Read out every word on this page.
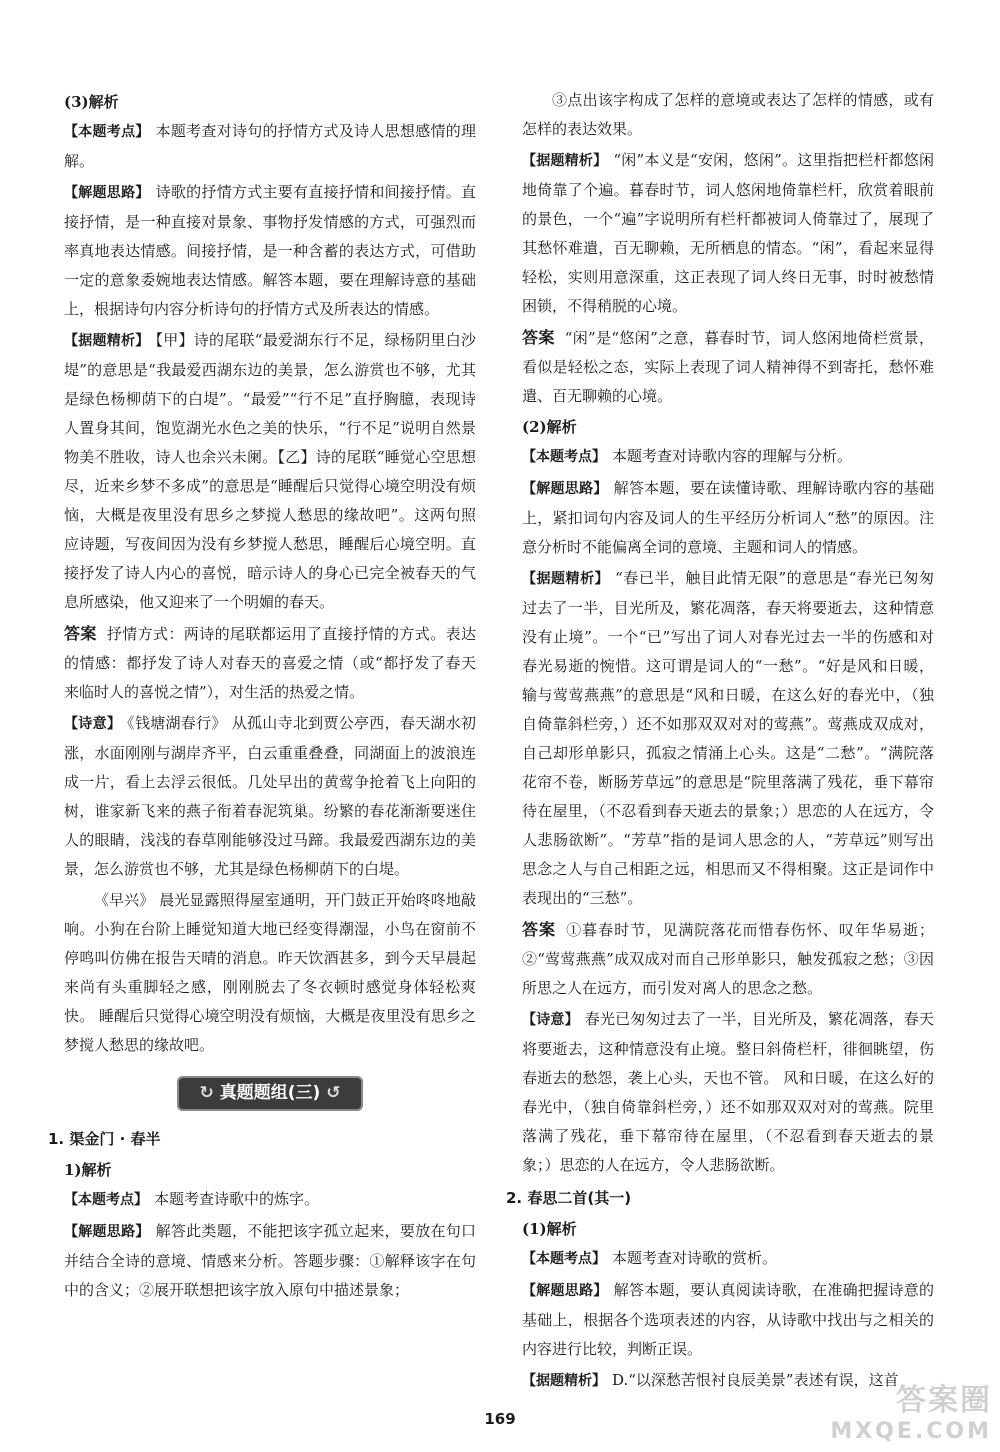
(3)解析

【本题考点】 本题考查对诗句的抒情方式及诗人思想感情的理解。

【解题思路】 诗歌的抒情方式主要有直接抒情和间接抒情。直接抒情，是一种直接对景象、事物抒发情感的方式，可强烈而率真地表达情感。间接抒情，是一种含蓄的表达方式，可借助一定的意象委婉地表达情感。解答本题，要在理解诗意的基础上，根据诗句内容分析诗句的抒情方式及所表达的情感。

【据题精析】 【甲】诗的尾联“最爱湖东行不足，绿杨阴里白沙堤”的意思是“我最爱西湖东边的美景，怎么游赏也不够，尤其是绿色杨柳荫下的白堤”。“最爱”“行不足”直抒胸臆，表现诗人置身其间，饱览湖光水色之美的快乐，“行不足”说明自然景物美不胜收，诗人也余兴未阑。【乙】诗的尾联“睡觉心空思想尽，近来乡梦不多成”的意思是“睡醒后只觉得心境空明没有烦恼，大概是夜里没有思乡之梦搅人愁思的缘故吧”。这两句照应诗题，写夜间因为没有乡梦搅人愁思，睡醒后心境空明。直接抒发了诗人内心的喜悦，暗示诗人的身心已完全被春天的气息所感染，他又迎来了一个明媚的春天。

答案 抒情方式：两诗的尾联都运用了直接抒情的方式。表达的情感：都抒发了诗人对春天的喜爱之情（或“都抒发了春天来临时人的喜悦之情”），对生活的热爱之情。

【诗意】 《钱塘湖春行》 从孤山寺北到贾公亭西，春天湖水初涨，水面刚刚与湖岸齐平，白云重重叠叠，同湖面上的波浪连成一片，看上去浮云很低。几处早出的黄莺争抢着飞上向阳的树，谁家新飞来的燕子衔着春泥筑巢。纷繁的春花渐渐要迷住人的眼睛，浅浅的春草刚能够没过马蹄。我最爱西湖东边的美景，怎么游赏也不够，尤其是绿色杨柳荫下的白堤。

《早兴》 晨光显露照得屋室通明，开门鼓正开始咚咚地敲响。小狗在台阶上睡觉知道大地已经变得潮湿，小鸟在窗前不停鸣叫仿佛在报告天晴的消息。昨天饮酒甚多，到今天早晨起来尚有头重脚轻之感，刚刚脱去了冬衣顿时感觉身体轻松爽快。 睡醒后只觉得心境空明没有烦恼，大概是夜里没有思乡之梦搅人愁思的缘故吧。

↻ 真题题组(三) ↺
1. 渠金门 · 春半
1)解析

【本题考点】 本题考查诗歌中的炼字。

【解题思路】 解答此类题，不能把该字孤立起来，要放在句口 并结合全诗的意境、情感来分析。答题步骤：①解释该字在句中的含义；②展开联想把该字放入原句中描述景象；

③点出该字构成了怎样的意境或表达了怎样的情感，或有怎样的表达效果。

【据题精析】 “闲”本义是“安闲，悠闲”。这里指把栏杆都悠闲地倚靠了个遍。暮春时节，词人悠闲地倚靠栏杆，欣赏着眼前的景色，一个“遍”字说明所有栏杆都被词人倚靠过了，展现了其愁怀难遣，百无聊赖，无所栖息的情态。“闲”，看起来显得轻松，实则用意深重，这正表现了词人终日无事，时时被愁情困锁，不得稍脱的心境。

答案 “闲”是“悠闲”之意，暮春时节，词人悠闲地倚栏赏景，看似是轻松之态，实际上表现了词人精神得不到寄托，愁怀难遣、百无聊赖的心境。

(2)解析

【本题考点】 本题考查对诗歌内容的理解与分析。

【解题思路】 解答本题，要在读懂诗歌、理解诗歌内容的基础上，紧扣词句内容及词人的生平经历分析词人“愁”的原因。注意分析时不能偏离全词的意境、主题和词人的情感。

【据题精析】 “春已半，触目此情无限”的意思是“春光已匆匆过去了一半，目光所及，繁花凋落，春天将要逝去，这种情意没有止境”。一个“已”写出了词人对春光过去一半的伤感和对春光易逝的惋惜。这可谓是词人的“一愁”。“好是风和日暖，输与莺莺燕燕”的意思是“风和日暖，在这么好的春光中，（独自倚靠斜栏旁，）还不如那双双对对的莺燕”。莺燕成双成对，自己却形单影只，孤寂之情涌上心头。这是“二愁”。“满院落花帘不卷，断肠芳草远”的意思是“院里落满了残花，垂下幕帘待在屋里，（不忍看到春天逝去的景象；）思恋的人在远方，令人悲肠欲断”。“芳草”指的是词人思念的人，“芳草远”则写出思念之人与自己相距之远，相思而又不得相聚。这正是词作中表现出的“三愁”。

答案 ①暮春时节，见满院落花而惜春伤怀、叹年华易逝；②“莺莺燕燕”成双成对而自己形单影只，触发孤寂之愁；③因所思之人在远方，而引发对离人的思念之愁。

【诗意】 春光已匆匆过去了一半，目光所及，繁花凋落，春天将要逝去，这种情意没有止境。整日斜倚栏杆，徘徊眺望，伤春逝去的愁怨，袭上心头，天也不管。 风和日暖，在这么好的春光中，（独自倚靠斜栏旁，）还不如那双双对对的莺燕。院里落满了残花，垂下幕帘待在屋里，（不忍看到春天逝去的景象；）思恋的人在远方，令人悲肠欲断。

2. 春思二首(其一)
(1)解析

【本题考点】 本题考查对诗歌的赏析。

【解题思路】 解答本题，要认真阅读诗歌，在准确把握诗意的基础上，根据各个选项表述的内容，从诗歌中找出与之相关的内容进行比较，判断正误。

【据题精析】 D.“以深愁苦恨衬良辰美景”表述有误，这首

169
答案圈
MXQE.COM
